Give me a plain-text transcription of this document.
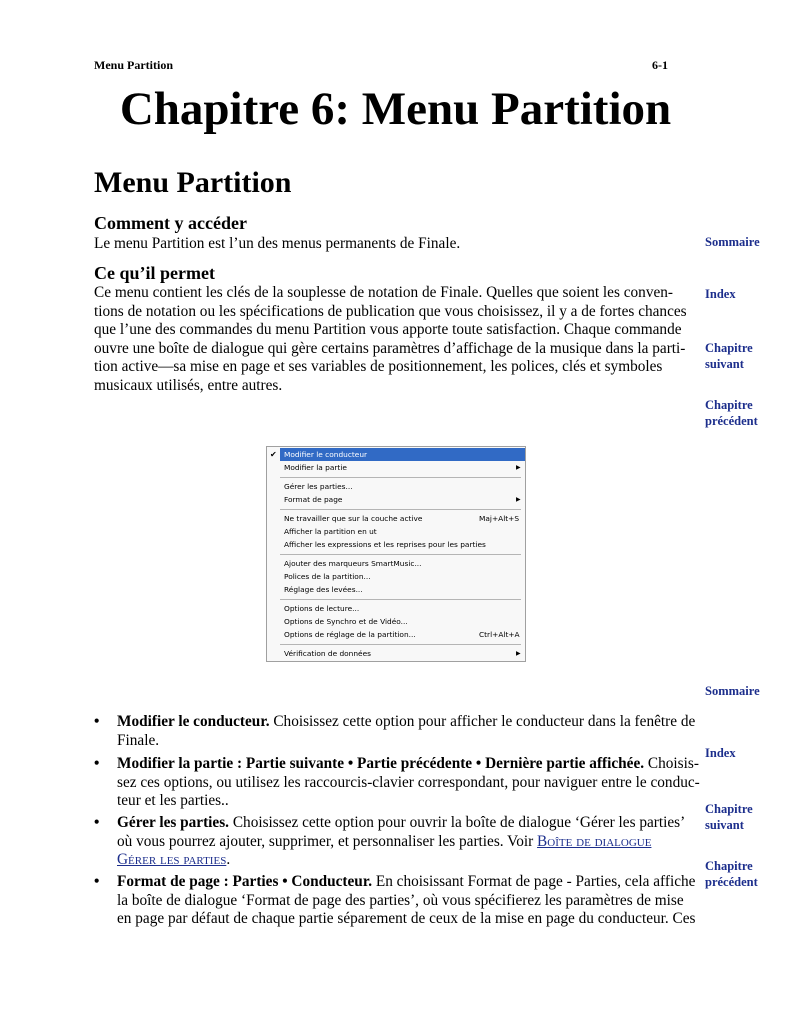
Menu Partition	6-1
Chapitre 6: Menu Partition
Menu Partition
Comment y accéder

Le menu Partition est l’un des menus permanents de Finale.

Ce qu’il permet
Ce menu contient les clés de la souplesse de notation de Finale. Quelles que soient les conven-
tions de notation ou les spécifications de publication que vous choisissez, il y a de fortes chances
que l’une des commandes du menu Partition vous apporte toute satisfaction. Chaque commande
ouvre une boîte de dialogue qui gère certains paramètres d’affichage de la musique dans la parti-
tion active—sa mise en page et ses variables de positionnement, les polices, clés et symboles
musicaux utilisés, entre autres.
Sommaire
Index
Chapitre suivant
Chapitre précédent
✔ Modifier le conducteur
Modifier la partie	▶
Gérer les parties...
Format de page	▶
Ne travailler que sur la couche active	Maj+Alt+S
Afficher la partition en ut
Afficher les expressions et les reprises pour les parties
Ajouter des marqueurs SmartMusic...
Polices de la partition...
Réglage des levées...
Options de lecture...
Options de Synchro et de Vidéo...
Options de réglage de la partition...	Ctrl+Alt+A
Vérification de données	▶
Sommaire
Index
Chapitre suivant
Chapitre précédent
• Modifier le conducteur. Choisissez cette option pour afficher le conducteur dans la fenêtre de
Finale.
• Modifier la partie : Partie suivante • Partie précédente • Dernière partie affichée. Choisis-
sez ces options, ou utilisez les raccourcis-clavier correspondant, pour naviguer entre le conduc-
teur et les parties..
• Gérer les parties. Choisissez cette option pour ouvrir la boîte de dialogue ‘Gérer les parties’
où vous pourrez ajouter, supprimer, et personnaliser les parties. Voir Boîte de dialogue
Gérer les parties.
• Format de page : Parties • Conducteur. En choisissant Format de page - Parties, cela affiche
la boîte de dialogue ‘Format de page des parties’, où vous spécifierez les paramètres de mise
en page par défaut de chaque partie séparement de ceux de la mise en page du conducteur. Ces
